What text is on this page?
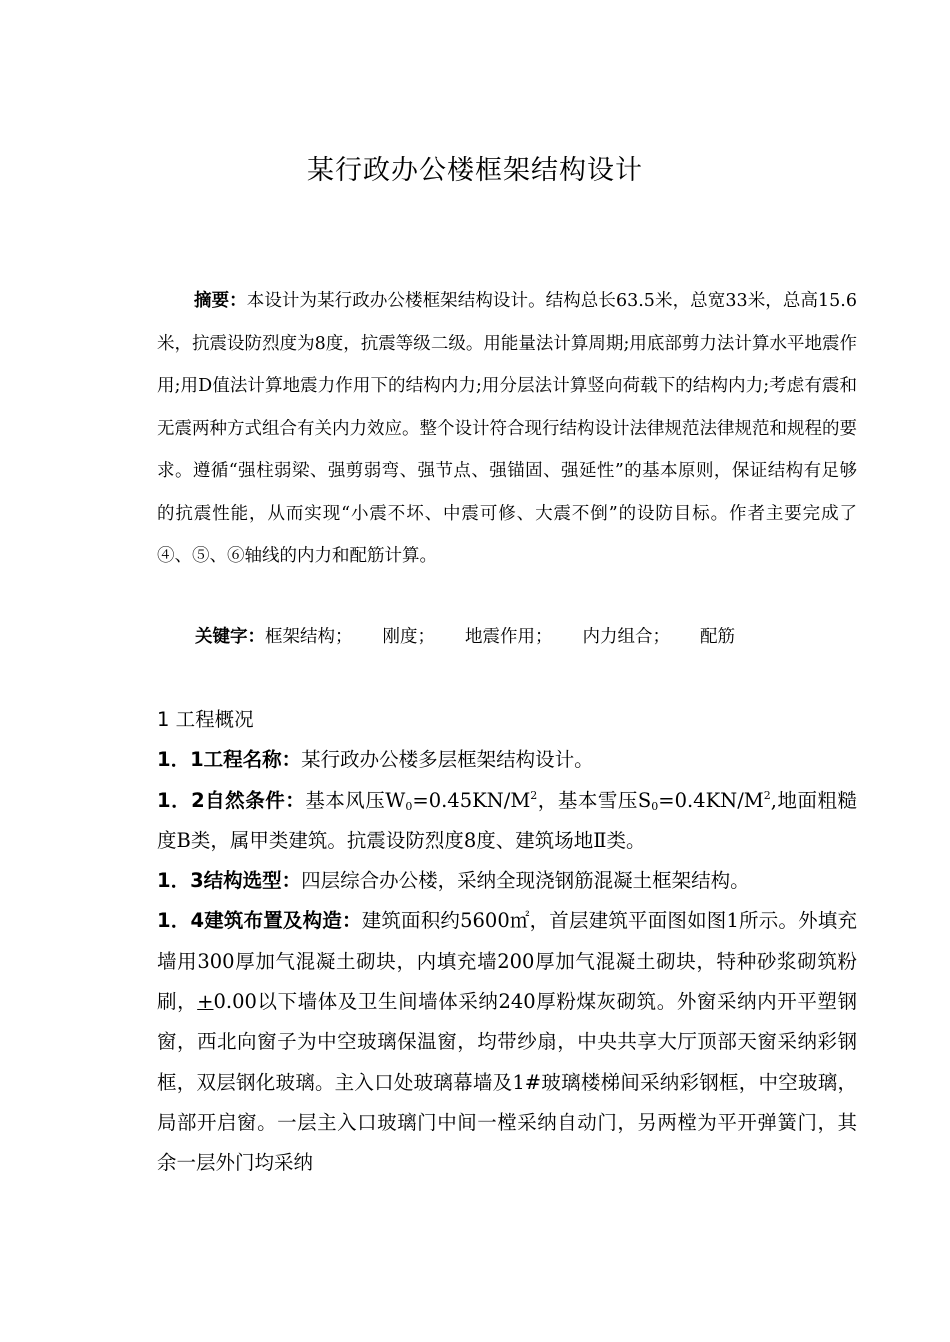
某行政办公楼框架结构设计
摘要：本设计为某行政办公楼框架结构设计。结构总长63.5米，总宽33米，总高15.6米，抗震设防烈度为8度，抗震等级二级。用能量法计算周期;用底部剪力法计算水平地震作用;用D值法计算地震力作用下的结构内力;用分层法计算竖向荷载下的结构内力;考虑有震和无震两种方式组合有关内力效应。整个设计符合现行结构设计法律规范法律规范和规程的要求。遵循“强柱弱梁、强剪弱弯、强节点、强锚固、强延性”的基本原则，保证结构有足够的抗震性能，从而实现“小震不坏、中震可修、大震不倒”的设防目标。作者主要完成了④、⑤、⑥轴线的内力和配筋计算。
关键字：框架结构； 刚度； 地震作用； 内力组合； 配筋

1 工程概况

1．1工程名称：某行政办公楼多层框架结构设计。

1．2自然条件：基本风压$W_0=0.45KN/M^2$，基本雪压$S_0=0.4KN/M^2$,地面粗糙度B类，属甲类建筑。抗震设防烈度8度、建筑场地Ⅱ类。

1．3结构选型：四层综合办公楼，采纳全现浇钢筋混凝土框架结构。

1．4建筑布置及构造：建筑面积约5600㎡，首层建筑平面图如图1所示。外填充墙用300厚加气混凝土砌块，内填充墙200厚加气混凝土砌块，特种砂浆砌筑粉刷，+0.00以下墙体及卫生间墙体采纳240厚粉煤灰砌筑。外窗采纳内开平塑钢窗，西北向窗子为中空玻璃保温窗，均带纱扇，中央共享大厅顶部天窗采纳彩钢框，双层钢化玻璃。主入口处玻璃幕墙及1#玻璃楼梯间采纳彩钢框，中空玻璃，局部开启窗。一层主入口玻璃门中间一樘采纳自动门，另两樘为平开弹簧门，其余一层外门均采纳
